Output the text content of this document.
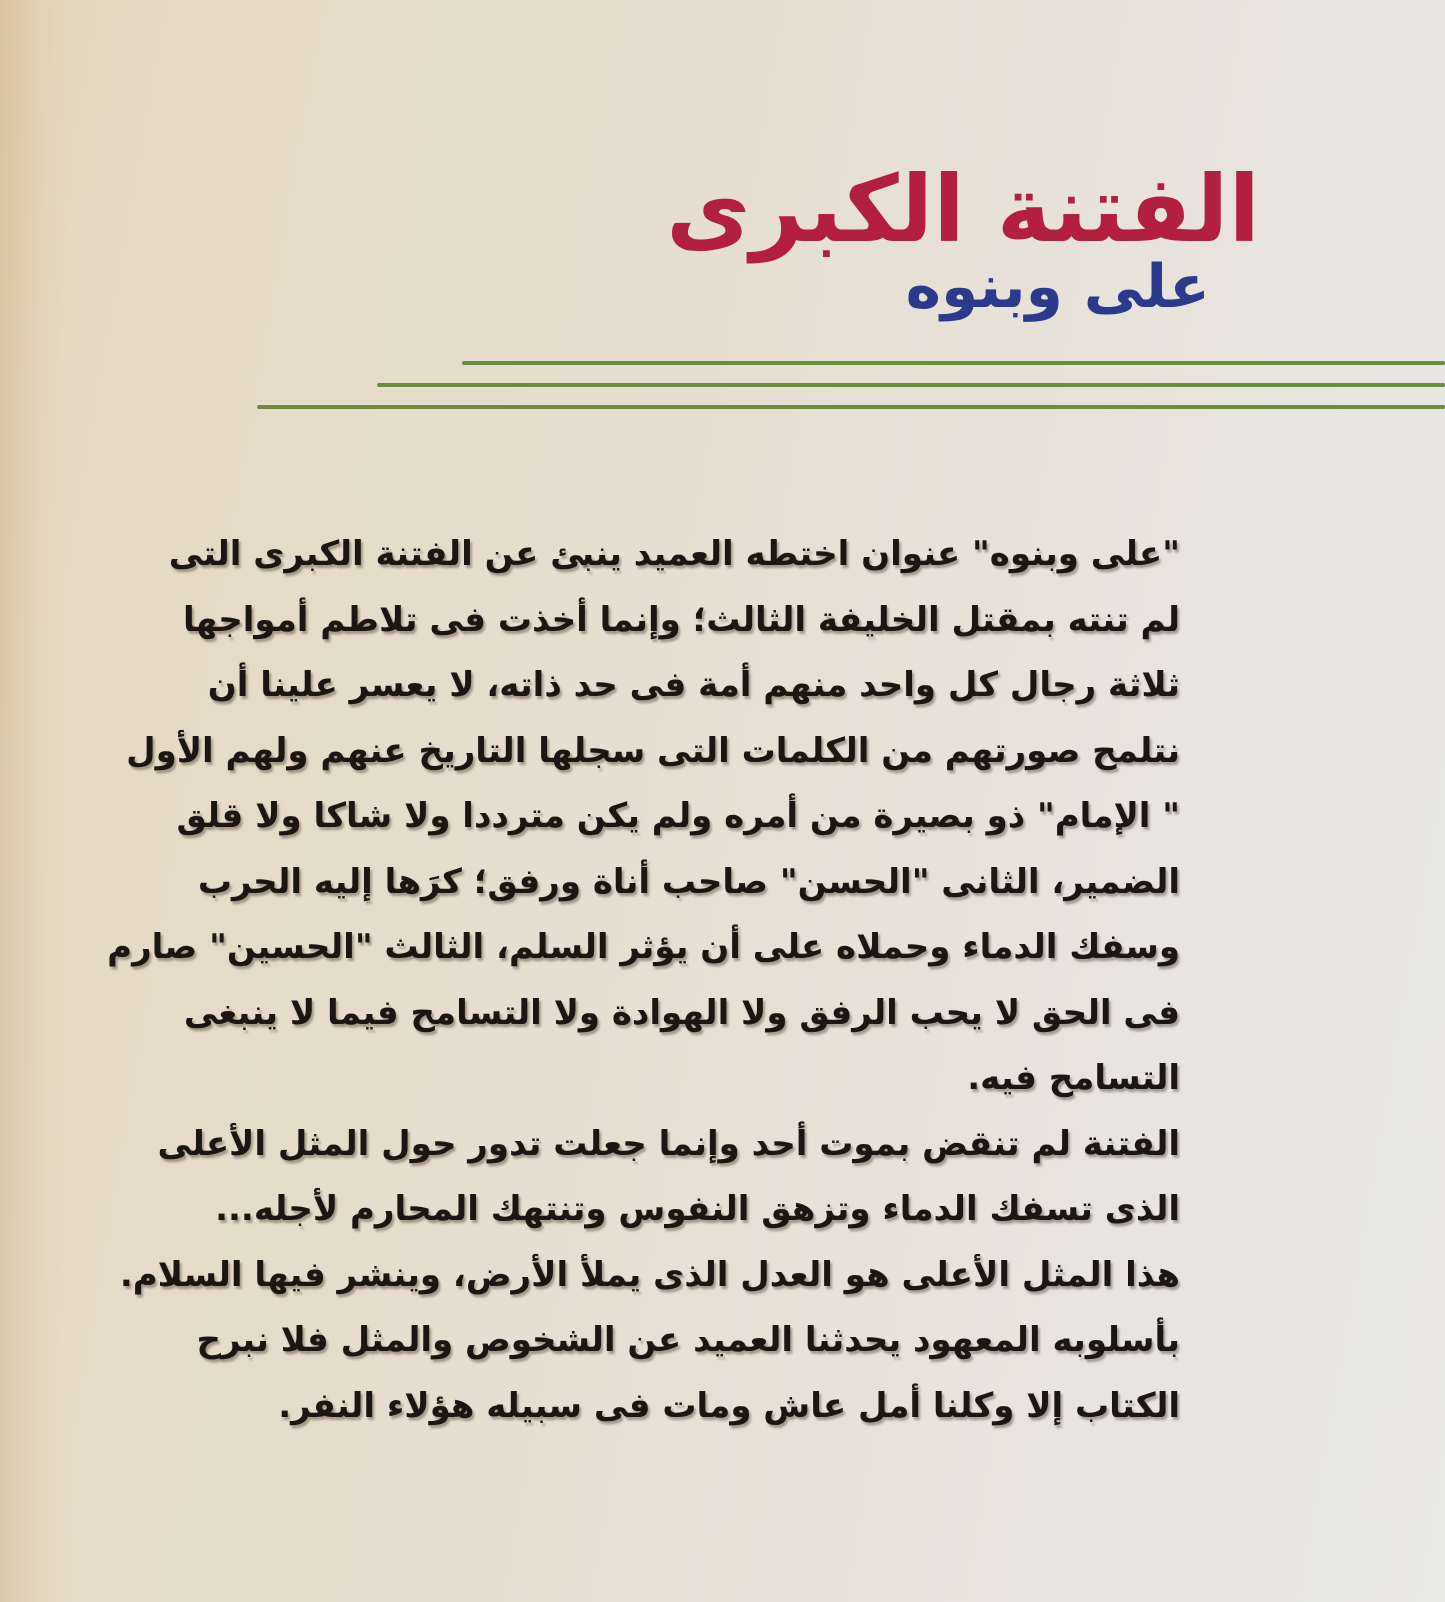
الفتنة الكبرى
على وبنوه

"على وبنوه" عنوان اختطه العميد ينبئ عن الفتنة الكبرى التى
لم تنته بمقتل الخليفة الثالث؛ وإنما أخذت فى تلاطم أمواجها
ثلاثة رجال كل واحد منهم أمة فى حد ذاته، لا يعسر علينا أن
نتلمح صورتهم من الكلمات التى سجلها التاريخ عنهم ولهم الأول
" الإمام" ذو بصيرة من أمره ولم يكن مترددا ولا شاكا ولا قلق
الضمير، الثانى "الحسن" صاحب أناة ورفق؛ كرَها إليه الحرب
وسفك الدماء وحملاه على أن يؤثر السلم، الثالث "الحسين" صارم
فى الحق لا يحب الرفق ولا الهوادة ولا التسامح فيما لا ينبغى
التسامح فيه.

الفتنة لم تنقض بموت أحد وإنما جعلت تدور حول المثل الأعلى
الذى تسفك الدماء وتزهق النفوس وتنتهك المحارم لأجله...

هذا المثل الأعلى هو العدل الذى يملأ الأرض، وينشر فيها السلام.

بأسلوبه المعهود يحدثنا العميد عن الشخوص والمثل فلا نبرح
الكتاب إلا وكلنا أمل عاش ومات فى سبيله هؤلاء النفر.
